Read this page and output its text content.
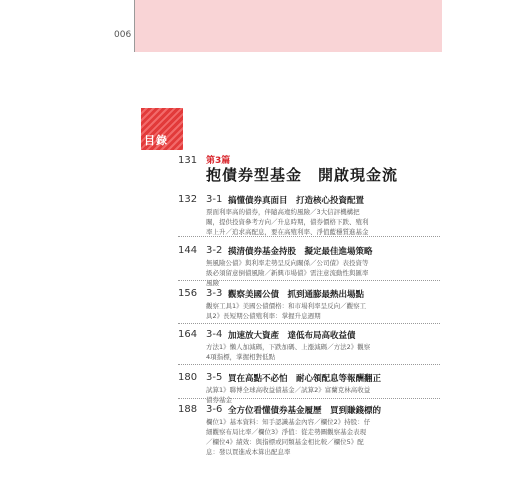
006
目錄
131 第3篇
抱債券型基金　開啟現金流
132 3-1 搞懂債券真面目　打造核心投資配置
票面利率高的債券，伴隨高違約風險／3大信評機構把關，提供投資參考方向／升息時期，債券價格下跌、殖利率上升／追求高配息，要在高殖利率、淨值藍穩質進基金
144 3-2 摸清債券基金持股　擬定最佳進場策略
無風險公債》與利率走勢呈反向關係／公司債》表投資等級必須留意倒債風險／新興市場債》需注意流動性與匯率風險
156 3-3 觀察美國公債　抓到通膨最熱出場點
觀察工具1》美國公債價格：和市場利率呈反向／觀察工具2》長短期公債殖利率：掌握升息週期
164 3-4 加速放大資產　達低布局高收益債
方法1》懶人加減碼，下跌加碼、上漲減碼／方法2》觀察4項指標，掌握相對低點
180 3-5 買在高點不必怕　耐心領配息等報酬翻正
試算1》聯博全球高收益債基金／試算2》富蘭克林高收益債券基金
188 3-6 全方位看懂債券基金履歷　買到賺錢標的
欄位1》基本資料：知手認識基金內容／欄位2》持股：仔細觀察布局比率／欄位3》淨值：從走勢圖觀察基金表現／欄位4》績效：與指標或同類基金相比較／欄位5》配息：發以買進成本算出配息率
